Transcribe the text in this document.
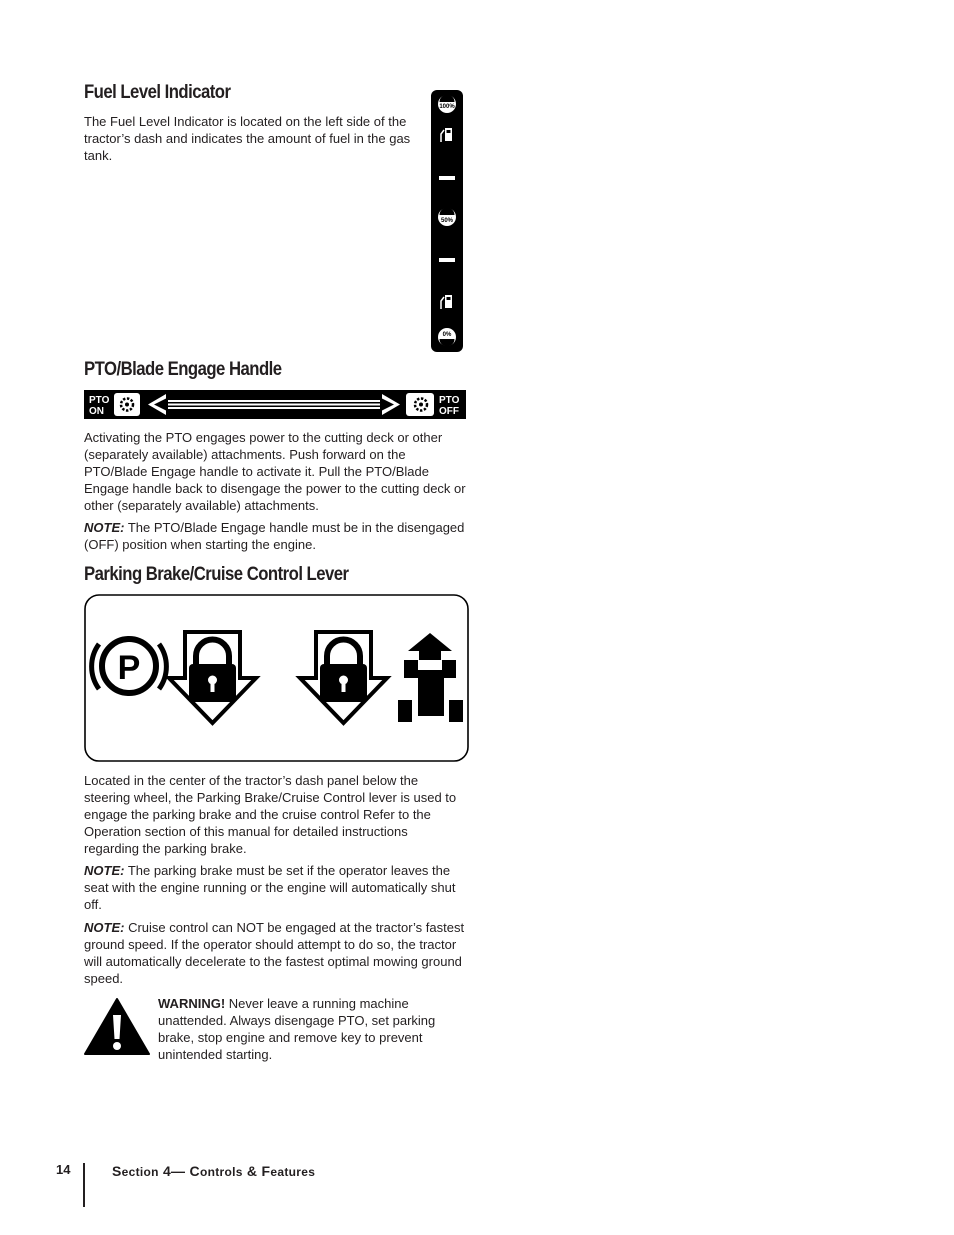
Fuel Level Indicator

The Fuel Level Indicator is located on the left side of the tractor’s dash and indicates the amount of fuel in the gas tank.

100%
50%
0%
PTO/Blade Engage Handle
PTO
ON
PTO
OFF

Activating the PTO engages power to the cutting deck or other (separately available) attachments. Push forward on the PTO/Blade Engage handle to activate it. Pull the PTO/Blade Engage handle back to disengage the power to the cutting deck or other (separately available) attachments.

NOTE: The PTO/Blade Engage handle must be in the disengaged (OFF) position when starting the engine.

Parking Brake/Cruise Control Lever
P

Located in the center of the tractor’s dash panel below the steering wheel, the Parking Brake/Cruise Control lever is used to engage the parking brake and the cruise control Refer to the Operation section of this manual for detailed instructions regarding the parking brake.

NOTE: The parking brake must be set if the operator leaves the seat with the engine running or the engine will automatically shut off.

NOTE: Cruise control can NOT be engaged at the tractor’s fastest ground speed. If the operator should attempt to do so, the tractor will automatically decelerate to the fastest optimal mowing ground speed.

WARNING! Never leave a running machine unattended. Always disengage PTO, set parking brake, stop engine and remove key to prevent unintended starting.

14	Section 4— Controls & Features
